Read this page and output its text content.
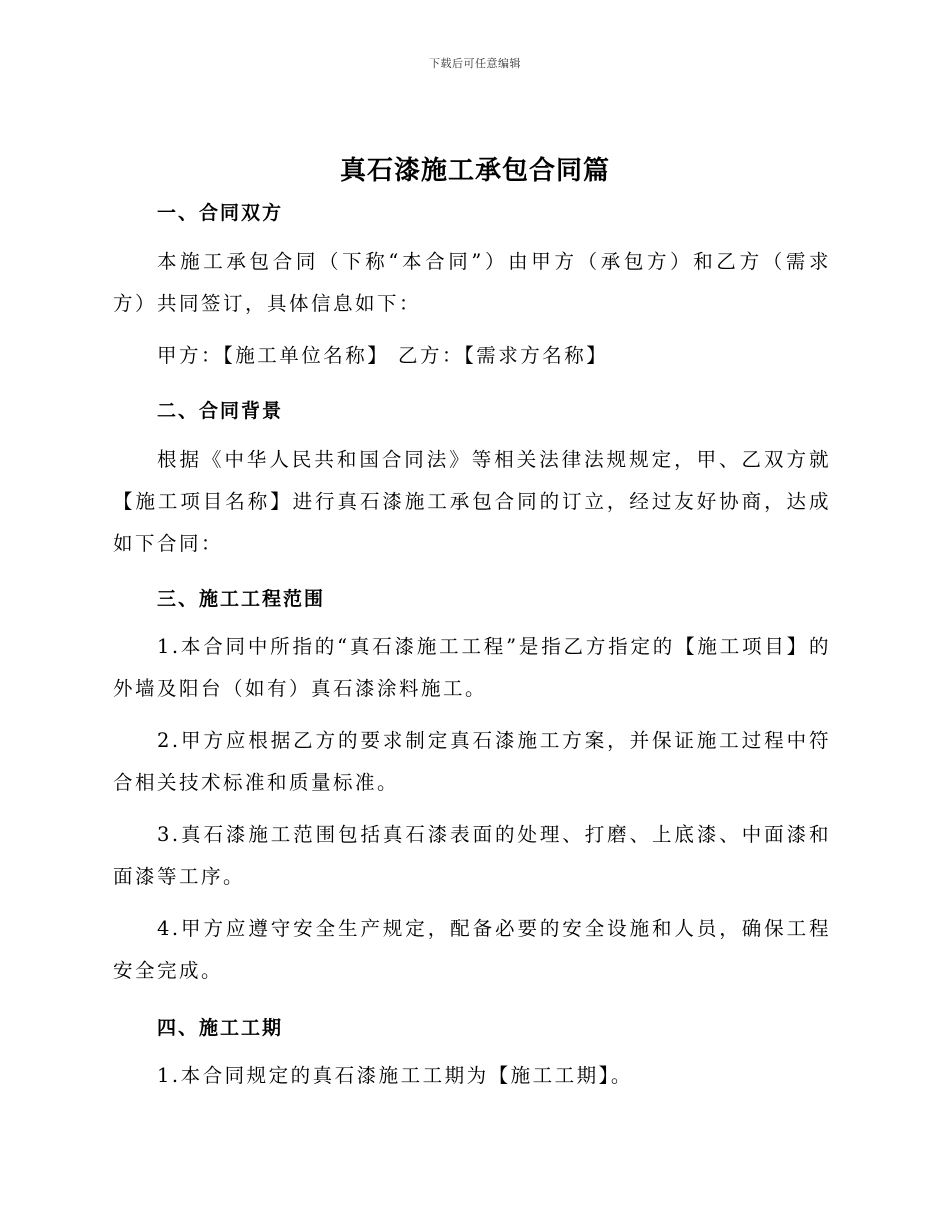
下载后可任意编辑
真石漆施工承包合同篇
一、合同双方
本施工承包合同（下称“本合同”）由甲方（承包方）和乙方（需求方）共同签订，具体信息如下：
甲方：【施工单位名称】 乙方：【需求方名称】
二、合同背景
根据《中华人民共和国合同法》等相关法律法规规定，甲、乙双方就【施工项目名称】进行真石漆施工承包合同的订立，经过友好协商，达成如下合同：
三、施工工程范围
1.本合同中所指的“真石漆施工工程”是指乙方指定的【施工项目】的外墙及阳台（如有）真石漆涂料施工。
2.甲方应根据乙方的要求制定真石漆施工方案，并保证施工过程中符合相关技术标准和质量标准。
3.真石漆施工范围包括真石漆表面的处理、打磨、上底漆、中面漆和面漆等工序。
4.甲方应遵守安全生产规定，配备必要的安全设施和人员，确保工程安全完成。
四、施工工期
1.本合同规定的真石漆施工工期为【施工工期】。
